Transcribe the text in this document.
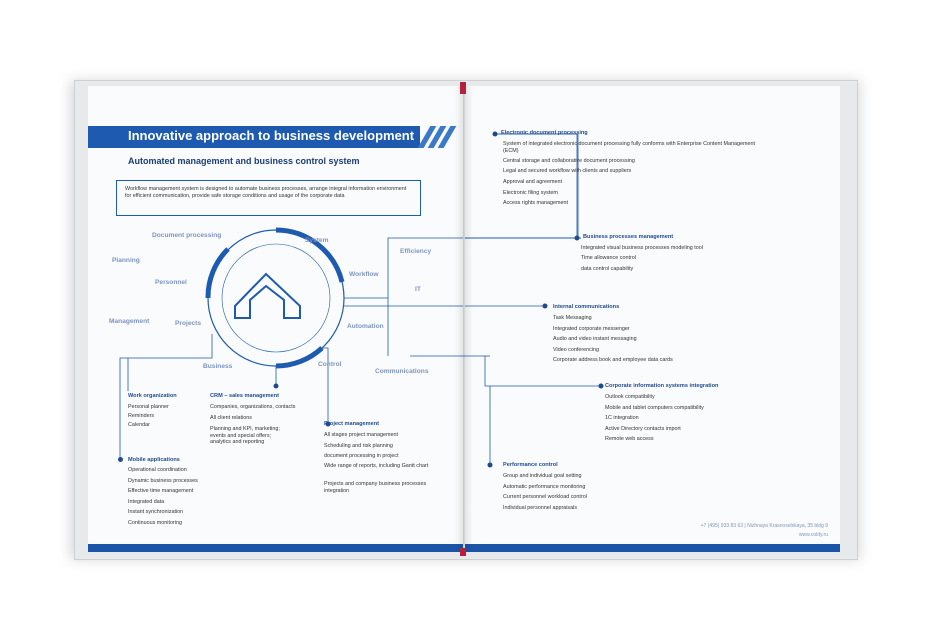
Innovative approach to business development
Automated management and business control system
Workflow management system is designed to automate business processes, arrange integral information environment for efficient communication, provide safe storage conditions and usage of the corporate data
Document processing
System
Planning
Personnel
Workflow
Management	Projects	Automation
Business	Control
Work organization
Personal planner
Reminders
Calendar
CRM – sales management
Companies, organizations, contacts
All client relations
Planning and KPI, marketing; events and special offers; analytics and reporting
Project management
All stages project management
Scheduling and risk planning
document processing in project
Wide range of reports, including Gantt chart
Projects and company business processes integration
Mobile applications
Operational coordination
Dynamic business processes
Effective time management
Integrated data
Instant synchronization
Continuous monitoring
Efficiency
IT
Communications
Electronic document processing
System of integrated electronic document processing fully conforms with Enterprise Content Management (ECM)
Central storage and collaborative document processing
Legal and secured workflow with clients and suppliers
Approval and agreement
Electronic filing system
Access rights management
Business processes management
Integrated visual business processes modeling tool
Time allowance control
data control capability
Internal communications
Task Messaging
Integrated corporate messenger
Audio and video instant messaging
Video conferencing
Corporate address book and employee data cards
Corporate information systems integration
Outlook compatibility
Mobile and tablet computers compatibility
1C integration
Active Directory contacts import
Remote web access
Performance control
Group and individual goal setting
Automatic performance monitoring
Current personnel workload control
Individual personnel appraisals
+7 (495) 933 83 63 | Nizhnaya Krasnoselskaya, 35 bldg 9
www.coldy.ru
